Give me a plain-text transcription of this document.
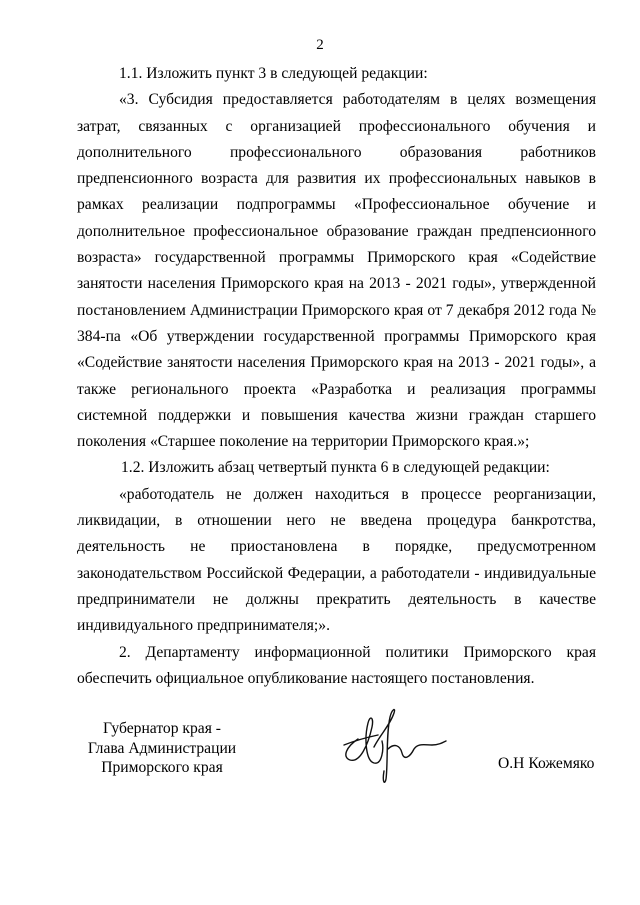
2

1.1. Изложить пункт 3 в следующей редакции:

«3. Субсидия предоставляется работодателям в целях возмещения затрат, связанных с организацией профессионального обучения и дополнительного профессионального образования работников предпенсионного возраста для развития их профессиональных навыков в рамках реализации подпрограммы «Профессиональное обучение и дополнительное профессиональное образование граждан предпенсионного возраста» государственной программы Приморского края «Содействие занятости населения Приморского края на 2013 - 2021 годы», утвержденной постановлением Администрации Приморского края от 7 декабря 2012 года № 384-па «Об утверждении государственной программы Приморского края «Содействие занятости населения Приморского края на 2013 - 2021 годы», а также регионального проекта «Разработка и реализация программы системной поддержки и повышения качества жизни граждан старшего поколения «Старшее поколение на территории Приморского края.»;

1.2. Изложить абзац четвертый пункта 6 в следующей редакции:

«работодатель не должен находиться в процессе реорганизации, ликвидации, в отношении него не введена процедура банкротства, деятельность не приостановлена в порядке, предусмотренном законодательством Российской Федерации, а работодатели - индивидуальные предприниматели не должны прекратить деятельность в качестве индивидуального предпринимателя;».

2. Департаменту информационной политики Приморского края обеспечить официальное опубликование настоящего постановления.

Губернатор края -
Глава Администрации
Приморского края	О.Н Кожемяко
